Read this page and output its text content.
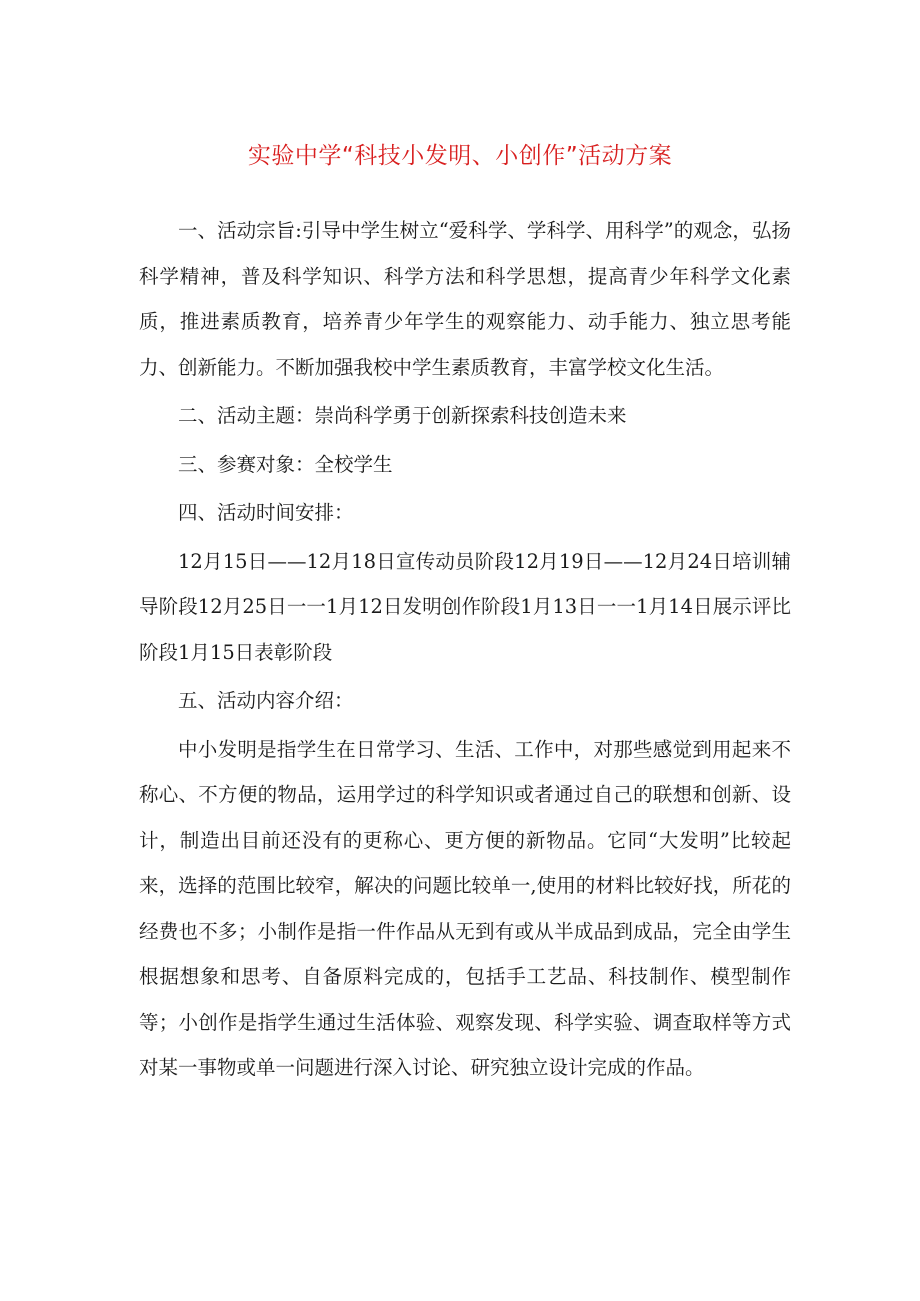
实验中学“科技小发明、小创作”活动方案

一、活动宗旨:引导中学生树立“爱科学、学科学、用科学”的观念，弘扬科学精神，普及科学知识、科学方法和科学思想，提高青少年科学文化素质，推进素质教育，培养青少年学生的观察能力、动手能力、独立思考能力、创新能力。不断加强我校中学生素质教育，丰富学校文化生活。

二、活动主题：崇尚科学勇于创新探索科技创造未来

三、参赛对象：全校学生

四、活动时间安排：

12月15日——12月18日宣传动员阶段12月19日——12月24日培训辅导阶段12月25日一一1月12日发明创作阶段1月13日一一1月14日展示评比阶段1月15日表彰阶段

五、活动内容介绍：

中小发明是指学生在日常学习、生活、工作中，对那些感觉到用起来不称心、不方便的物品，运用学过的科学知识或者通过自己的联想和创新、设计，制造出目前还没有的更称心、更方便的新物品。它同“大发明”比较起来，选择的范围比较窄，解决的问题比较单一,使用的材料比较好找，所花的经费也不多；小制作是指一件作品从无到有或从半成品到成品，完全由学生根据想象和思考、自备原料完成的，包括手工艺品、科技制作、模型制作等；小创作是指学生通过生活体验、观察发现、科学实验、调查取样等方式对某一事物或单一问题进行深入讨论、研究独立设计完成的作品。
